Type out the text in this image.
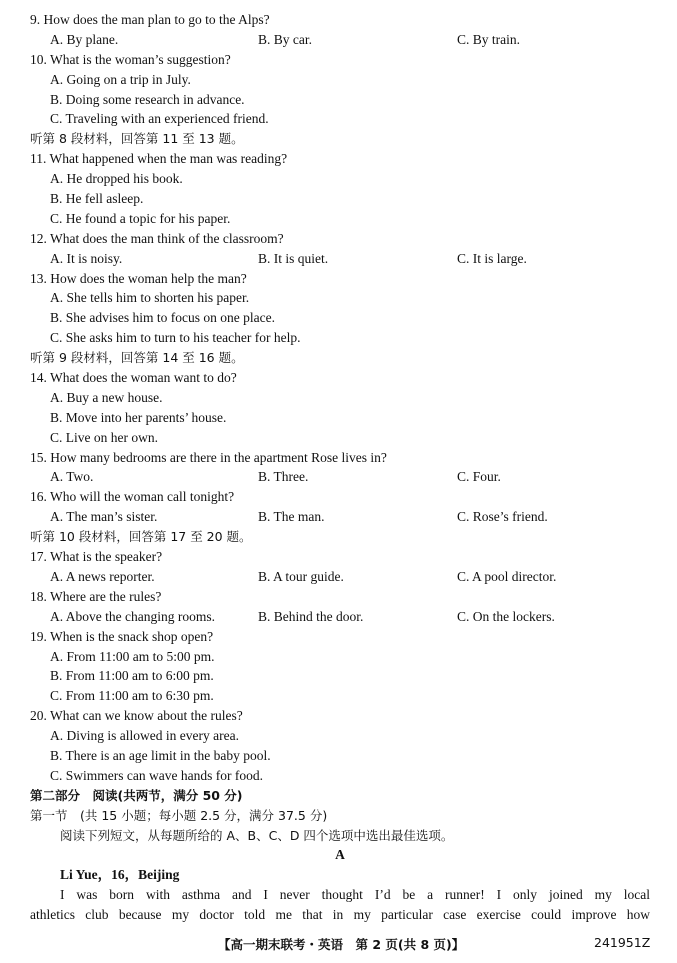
9. How does the man plan to go to the Alps?
A. By plane.	B. By car.	C. By train.
10. What is the woman’s suggestion?
A. Going on a trip in July.
B. Doing some research in advance.
C. Traveling with an experienced friend.
听第 8 段材料，回答第 11 至 13 题。
11. What happened when the man was reading?
A. He dropped his book.
B. He fell asleep.
C. He found a topic for his paper.
12. What does the man think of the classroom?
A. It is noisy.	B. It is quiet.	C. It is large.
13. How does the woman help the man?
A. She tells him to shorten his paper.
B. She advises him to focus on one place.
C. She asks him to turn to his teacher for help.
听第 9 段材料，回答第 14 至 16 题。
14. What does the woman want to do?
A. Buy a new house.
B. Move into her parents’ house.
C. Live on her own.
15. How many bedrooms are there in the apartment Rose lives in?
A. Two.	B. Three.	C. Four.
16. Who will the woman call tonight?
A. The man’s sister.	B. The man.	C. Rose’s friend.
听第 10 段材料，回答第 17 至 20 题。
17. What is the speaker?
A. A news reporter.	B. A tour guide.	C. A pool director.
18. Where are the rules?
A. Above the changing rooms.	B. Behind the door.	C. On the lockers.
19. When is the snack shop open?
A. From 11:00 am to 5:00 pm.
B. From 11:00 am to 6:00 pm.
C. From 11:00 am to 6:30 pm.
20. What can we know about the rules?
A. Diving is allowed in every area.
B. There is an age limit in the baby pool.
C. Swimmers can wave hands for food.
第二部分　阅读(共两节，满分 50 分)
第一节　(共 15 小题；每小题 2.5 分，满分 37.5 分)
阅读下列短文，从每题所给的 A、B、C、D 四个选项中选出最佳选项。
A
Li Yue，16，Beijing
I was born with asthma and I never thought I’d be a runner! I only joined my local
athletics club because my doctor told me that in my particular case exercise could improve how
【高一期末联考・英语　第 2 页(共 8 页)】	241951Z
